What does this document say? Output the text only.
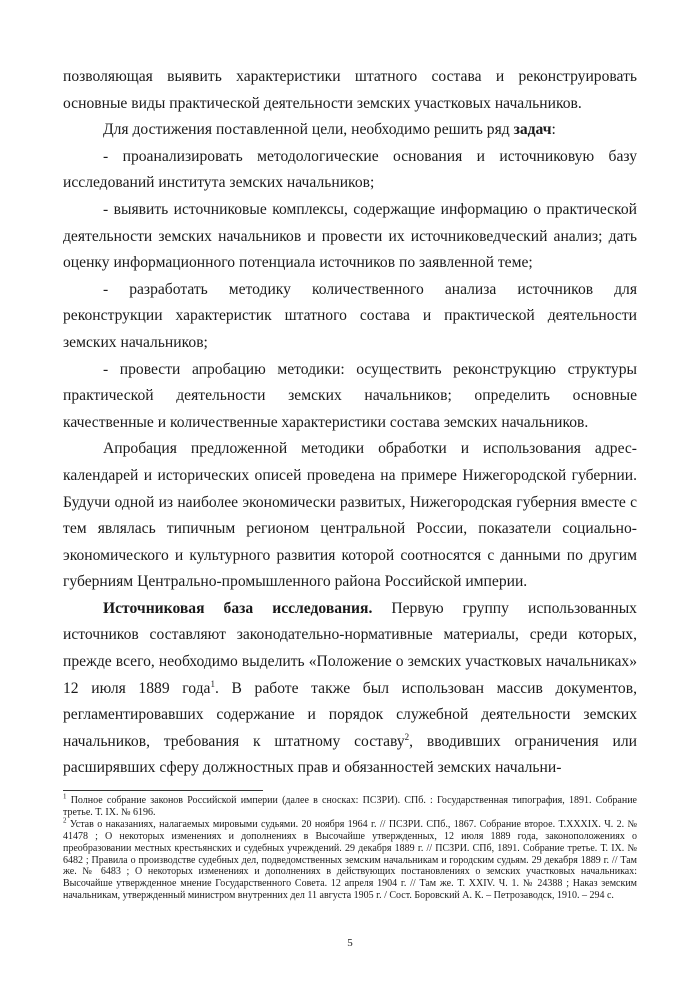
позволяющая выявить характеристики штатного состава и реконструировать основные виды практической деятельности земских участковых начальников.

Для достижения поставленной цели, необходимо решить ряд задач:

- проанализировать методологические основания и источниковую базу исследований института земских начальников;

- выявить источниковые комплексы, содержащие информацию о практической деятельности земских начальников и провести их источниковедческий анализ; дать оценку информационного потенциала источников по заявленной теме;

- разработать методику количественного анализа источников для реконструкции характеристик штатного состава и практической деятельности земских начальников;

- провести апробацию методики: осуществить реконструкцию структуры практической деятельности земских начальников; определить основные качественные и количественные характеристики состава земских начальников.

Апробация предложенной методики обработки и использования адрес-календарей и исторических описей проведена на примере Нижегородской губернии. Будучи одной из наиболее экономически развитых, Нижегородская губерния вместе с тем являлась типичным регионом центральной России, показатели социально-экономического и культурного развития которой соотносятся с данными по другим губерниям Центрально-промышленного района Российской империи.

Источниковая база исследования. Первую группу использованных источников составляют законодательно-нормативные материалы, среди которых, прежде всего, необходимо выделить «Положение о земских участковых начальниках» 12 июля 1889 года$^1$. В работе также был использован массив документов, регламентировавших содержание и порядок служебной деятельности земских начальников, требования к штатному составу$^2$, вводивших ограничения или расширявших сферу должностных прав и обязанностей земских начальни-

$^1$ Полное собрание законов Российской империи (далее в сносках: ПСЗРИ). СПб. : Государственная типография, 1891. Собрание третье. Т. IX. № 6196.

$^2$ Устав о наказаниях, налагаемых мировыми судьями. 20 ноября 1964 г. // ПСЗРИ. СПб., 1867. Собрание второе. Т.XXXIX. Ч. 2. № 41478 ; О некоторых изменениях и дополнениях в Высочайше утвержденных, 12 июля 1889 года, законоположениях о преобразовании местных крестьянских и судебных учреждений. 29 декабря 1889 г. // ПСЗРИ. СПб, 1891. Собрание третье. Т. IX. № 6482 ; Правила о производстве судебных дел, подведомственных земским начальникам и городским судьям. 29 декабря 1889 г. // Там же. № 6483 ; О некоторых изменениях и дополнениях в действующих постановлениях о земских участковых начальниках: Высочайше утвержденное мнение Государственного Совета. 12 апреля 1904 г. // Там же. Т. XXIV. Ч. 1. № 24388 ; Наказ земским начальникам, утвержденный министром внутренних дел 11 августа 1905 г. / Сост. Боровский А. К. – Петрозаводск, 1910. – 294 с.

5
